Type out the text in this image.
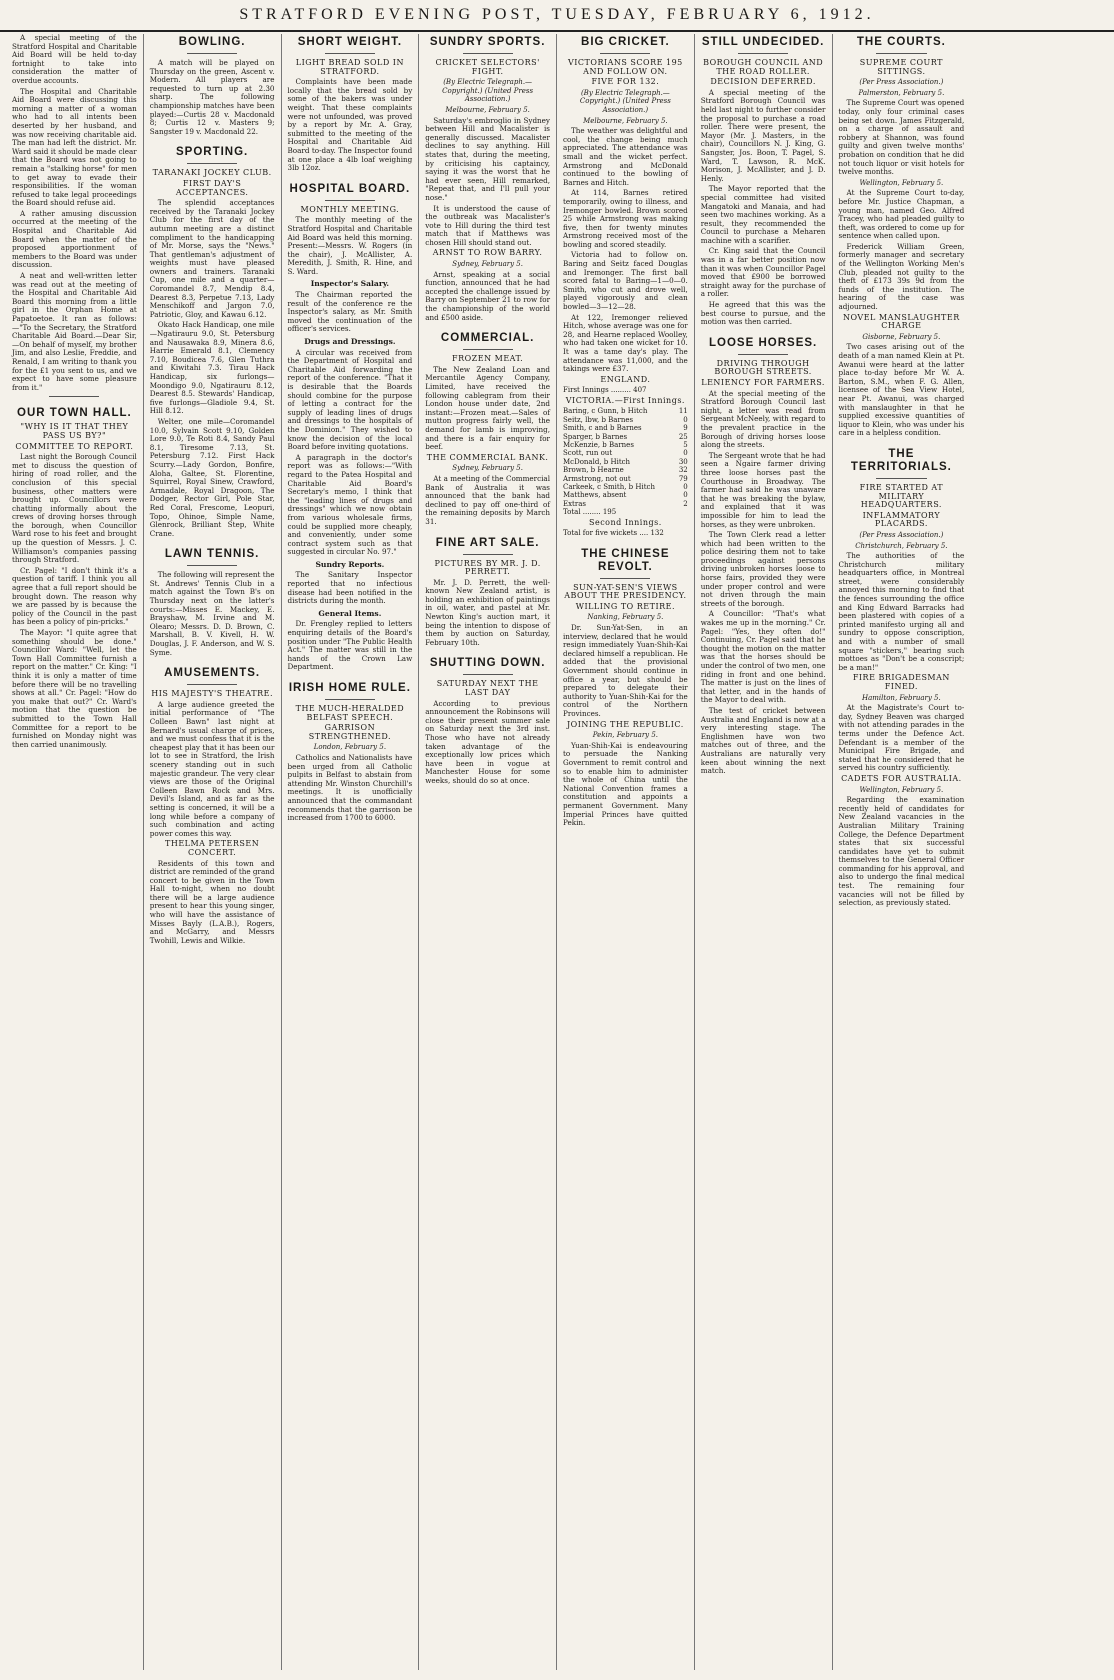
STRATFORD EVENING POST, TUESDAY, FEBRUARY 6, 1912.

A special meeting of the Stratford Hospital and Charitable Aid Board will be held to-day fortnight to take into consideration the matter of overdue accounts.

The Hospital and Charitable Aid Board were discussing this morning a matter of a woman who had to all intents been deserted by her husband, and was now receiving charitable aid. The man had left the district. Mr. Ward said it should be made clear that the Board was not going to remain a "stalking horse" for men to get away to evade their responsibilities. If the woman refused to take legal proceedings the Board should refuse aid.

A rather amusing discussion occurred at the meeting of the Hospital and Charitable Aid Board when the matter of the proposed apportionment of members to the Board was under discussion.

A neat and well-written letter was read out at the meeting of the Hospital and Charitable Aid Board this morning from a little girl in the Orphan Home at Papatoetoe. It ran as follows:—"To the Secretary, the Stratford Charitable Aid Board.—Dear Sir,—On behalf of myself, my brother Jim, and also Leslie, Freddie, and Renald, I am writing to thank you for the £1 you sent to us, and we expect to have some pleasure from it."

OUR TOWN HALL.
"WHY IS IT THAT THEY PASS US BY?"
COMMITTEE TO REPORT.

Last night the Borough Council met to discuss the question of hiring of road roller, and the conclusion of this special business, other matters were brought up. Councillors were chatting informally about the crews of droving horses through the borough, when Councillor Ward rose to his feet and brought up the question of Messrs. J. C. Williamson's companies passing through Stratford.

Cr. Pagel: "I don't think it's a question of tariff. I think you all agree that a full report should be brought down. The reason why we are passed by is because the policy of the Council in the past has been a policy of pin-pricks."

The Mayor: "I quite agree that something should be done." Councillor Ward: "Well, let the Town Hall Committee furnish a report on the matter." Cr. King: "I think it is only a matter of time before there will be no travelling shows at all." Cr. Pagel: "How do you make that out?" Cr. Ward's motion that the question be submitted to the Town Hall Committee for a report to be furnished on Monday night was then carried unanimously.

BOWLING.

A match will be played on Thursday on the green, Ascent v. Modern. All players are requested to turn up at 2.30 sharp. The following championship matches have been played:—Curtis 28 v. Macdonald 8; Curtis 12 v. Masters 9; Sangster 19 v. Macdonald 22.

SPORTING.
TARANAKI JOCKEY CLUB.
FIRST DAY'S ACCEPTANCES.

The splendid acceptances received by the Taranaki Jockey Club for the first day of the autumn meeting are a distinct compliment to the handicapping of Mr. Morse, says the "News." That gentleman's adjustment of weights must have pleased owners and trainers. Taranaki Cup, one mile and a quarter—Coromandel 8.7, Mendip 8.4, Dearest 8.3, Perpetue 7.13, Lady Menschikoff and Jargon 7.0, Patriotic, Gloy, and Kawau 6.12.

Okato Hack Handicap, one mile—Ngatirauru 9.0, St. Petersburg and Nausawaka 8.9, Minera 8.6, Harrie Emerald 8.1, Clemency 7.10, Boudicea 7.6, Glen Tuthra and Kiwitahi 7.3. Tirau Hack Handicap, six furlongs—Moondigo 9.0, Ngatirauru 8.12, Dearest 8.5. Stewards' Handicap, five furlongs—Gladiole 9.4, St. Hill 8.12.

Welter, one mile—Coromandel 10.0, Sylvain Scott 9.10, Golden Lore 9.0, Te Roti 8.4, Sandy Paul 8.1, Tiresome 7.13, St. Petersburg 7.12. First Hack Scurry.—Lady Gordon, Bonfire, Aloha, Galtee, St. Florentine, Squirrel, Royal Sinew, Crawford, Armadale, Royal Dragoon, The Dodger, Rector Girl, Pole Star, Red Coral, Frescome, Leopuri, Topo, Ohinoe, Simple Name, Glenrock, Brilliant Step, White Crane.

LAWN TENNIS.

The following will represent the St. Andrews' Tennis Club in a match against the Town B's on Thursday next on the latter's courts:—Misses E. Mackey, E. Brayshaw, M. Irvine and M. Olearo; Messrs. D. D. Brown, C. Marshall, B. V. Kivell, H. W. Douglas, J. F. Anderson, and W. S. Syme.

AMUSEMENTS.
HIS MAJESTY'S THEATRE.

A large audience greeted the initial performance of "The Colleen Bawn" last night at Bernard's usual charge of prices, and we must confess that it is the cheapest play that it has been our lot to see in Stratford, the Irish scenery standing out in such majestic grandeur. The very clear views are those of the Original Colleen Bawn Rock and Mrs. Devil's Island, and as far as the setting is concerned, it will be a long while before a company of such combination and acting power comes this way.

THELMA PETERSEN CONCERT.

Residents of this town and district are reminded of the grand concert to be given in the Town Hall to-night, when no doubt there will be a large audience present to hear this young singer, who will have the assistance of Misses Bayly (L.A.B.), Rogers, and McGarry, and Messrs Twohill, Lewis and Wilkie.

SHORT WEIGHT.
LIGHT BREAD SOLD IN STRATFORD.

Complaints have been made locally that the bread sold by some of the bakers was under weight. That these complaints were not unfounded, was proved by a report by Mr. A. Gray, submitted to the meeting of the Hospital and Charitable Aid Board to-day. The Inspector found at one place a 4lb loaf weighing 3lb 12oz.

HOSPITAL BOARD.
MONTHLY MEETING.

The monthly meeting of the Stratford Hospital and Charitable Aid Board was held this morning. Present:—Messrs. W. Rogers (in the chair), J. McAllister, A. Meredith, J. Smith, R. Hine, and S. Ward.

Inspector's Salary.

The Chairman reported the result of the conference re the Inspector's salary, as Mr. Smith moved the continuation of the officer's services.

Drugs and Dressings.

A circular was received from the Department of Hospital and Charitable Aid forwarding the report of the conference. "That it is desirable that the Boards should combine for the purpose of letting a contract for the supply of leading lines of drugs and dressings to the hospitals of the Dominion." They wished to know the decision of the local Board before inviting quotations.

A paragraph in the doctor's report was as follows:—"With regard to the Patea Hospital and Charitable Aid Board's Secretary's memo, I think that the "leading lines of drugs and dressings" which we now obtain from various wholesale firms, could be supplied more cheaply, and conveniently, under some contract system such as that suggested in circular No. 97."

Sundry Reports.

The Sanitary Inspector reported that no infectious disease had been notified in the districts during the month.

General Items.

Dr. Frengley replied to letters enquiring details of the Board's position under "The Public Health Act." The matter was still in the hands of the Crown Law Department.

IRISH HOME RULE.
THE MUCH-HERALDED BELFAST SPEECH.
GARRISON STRENGTHENED.
London, February 5.

Catholics and Nationalists have been urged from all Catholic pulpits in Belfast to abstain from attending Mr. Winston Churchill's meetings. It is unofficially announced that the commandant recommends that the garrison be increased from 1700 to 6000.

SUNDRY SPORTS.
CRICKET SELECTORS' FIGHT.
(By Electric Telegraph.—Copyright.) (United Press Association.)
Melbourne, February 5.

Saturday's embroglio in Sydney between Hill and Macalister is generally discussed. Macalister declines to say anything. Hill states that, during the meeting, by criticising his captaincy, saying it was the worst that he had ever seen, Hill remarked, "Repeat that, and I'll pull your nose."

It is understood the cause of the outbreak was Macalister's vote to Hill during the third test match that if Matthews was chosen Hill should stand out.

ARNST TO ROW BARRY.
Sydney, February 5.

Arnst, speaking at a social function, announced that he had accepted the challenge issued by Barry on September 21 to row for the championship of the world and £500 aside.

COMMERCIAL.
FROZEN MEAT.

The New Zealand Loan and Mercantile Agency Company, Limited, have received the following cablegram from their London house under date, 2nd instant:—Frozen meat.—Sales of mutton progress fairly well, the demand for lamb is improving, and there is a fair enquiry for beef.

THE COMMERCIAL BANK.
Sydney, February 5.

At a meeting of the Commercial Bank of Australia it was announced that the bank had declined to pay off one-third of the remaining deposits by March 31.

FINE ART SALE.
PICTURES BY MR. J. D. PERRETT.

Mr. J. D. Perrett, the well-known New Zealand artist, is holding an exhibition of paintings in oil, water, and pastel at Mr. Newton King's auction mart, it being the intention to dispose of them by auction on Saturday, February 10th.

SHUTTING DOWN.
SATURDAY NEXT THE LAST DAY

According to previous announcement the Robinsons will close their present summer sale on Saturday next the 3rd inst. Those who have not already taken advantage of the exceptionally low prices which have been in vogue at Manchester House for some weeks, should do so at once.

BIG CRICKET.
VICTORIANS SCORE 195 AND FOLLOW ON.
FIVE FOR 132.
(By Electric Telegraph.—Copyright.) (United Press Association.)
Melbourne, February 5.

The weather was delightful and cool, the change being much appreciated. The attendance was small and the wicket perfect. Armstrong and McDonald continued to the bowling of Barnes and Hitch.

At 114, Barnes retired temporarily, owing to illness, and Iremonger bowled. Brown scored 25 while Armstrong was making five, then for twenty minutes Armstrong received most of the bowling and scored steadily.

Victoria had to follow on. Baring and Seitz faced Douglas and Iremonger. The first ball scored fatal to Baring—1—0—0. Smith, who cut and drove well, played vigorously and clean bowled—3—12—28.

At 122, Iremonger relieved Hitch, whose average was one for 28, and Hearne replaced Woolley, who had taken one wicket for 10. It was a tame day's play. The attendance was 11,000, and the takings were £37.

ENGLAND.
First Innings ......... 407
VICTORIA.—First Innings.
Baring, c Gunn, b Hitch	11
Seitz, lbw, b Barnes	0
Smith, c and b Barnes	9
Sparger, b Barnes	25
McKenzie, b Barnes	5
Scott, run out	0
McDonald, b Hitch	30
Brown, b Hearne	32
Armstrong, not out	79
Carkeek, c Smith, b Hitch	0
Matthews, absent	0
Extras	2
Total ........ 195
Second Innings.
Total for five wickets .... 132
THE CHINESE REVOLT.
SUN-YAT-SEN'S VIEWS ABOUT THE PRESIDENCY.
WILLING TO RETIRE.
Nanking, February 5.

Dr. Sun-Yat-Sen, in an interview, declared that he would resign immediately Yuan-Shih-Kai declared himself a republican. He added that the provisional Government should continue in office a year, but should be prepared to delegate their authority to Yuan-Shih-Kai for the control of the Northern Provinces.

JOINING THE REPUBLIC.
Pekin, February 5.

Yuan-Shih-Kai is endeavouring to persuade the Nanking Government to remit control and so to enable him to administer the whole of China until the National Convention frames a constitution and appoints a permanent Government. Many Imperial Princes have quitted Pekin.

STILL UNDECIDED.
BOROUGH COUNCIL AND THE ROAD ROLLER.
DECISION DEFERRED.

A special meeting of the Stratford Borough Council was held last night to further consider the proposal to purchase a road roller. There were present, the Mayor (Mr. J. Masters, in the chair), Councillors N. J. King, G. Sangster, Jos. Boon, T. Pagel, S. Ward, T. Lawson, R. McK. Morison, J. McAllister, and J. D. Henly.

The Mayor reported that the special committee had visited Mangatoki and Manaia, and had seen two machines working. As a result, they recommended the Council to purchase a Meharen machine with a scarifier.

Cr. King said that the Council was in a far better position now than it was when Councillor Pagel moved that £900 be borrowed straight away for the purchase of a roller.

He agreed that this was the best course to pursue, and the motion was then carried.

LOOSE HORSES.
DRIVING THROUGH BOROUGH STREETS.
LENIENCY FOR FARMERS.

At the special meeting of the Stratford Borough Council last night, a letter was read from Sergeant McNeely, with regard to the prevalent practice in the Borough of driving horses loose along the streets.

The Sergeant wrote that he had seen a Ngaire farmer driving three loose horses past the Courthouse in Broadway. The farmer had said he was unaware that he was breaking the bylaw, and explained that it was impossible for him to lead the horses, as they were unbroken.

The Town Clerk read a letter which had been written to the police desiring them not to take proceedings against persons driving unbroken horses loose to horse fairs, provided they were under proper control and were not driven through the main streets of the borough.

A Councillor: "That's what wakes me up in the morning." Cr. Pagel: "Yes, they often do!" Continuing, Cr. Pagel said that he thought the motion on the matter was that the horses should be under the control of two men, one riding in front and one behind. The matter is just on the lines of that letter, and in the hands of the Mayor to deal with.

The test of cricket between Australia and England is now at a very interesting stage. The Englishmen have won two matches out of three, and the Australians are naturally very keen about winning the next match.

THE COURTS.
SUPREME COURT SITTINGS.
(Per Press Association.)
Palmerston, February 5.

The Supreme Court was opened today, only four criminal cases being set down. James Fitzgerald, on a charge of assault and robbery at Shannon, was found guilty and given twelve months' probation on condition that he did not touch liquor or visit hotels for twelve months.

Wellington, February 5.

At the Supreme Court to-day, before Mr. Justice Chapman, a young man, named Geo. Alfred Tracey, who had pleaded guilty to theft, was ordered to come up for sentence when called upon.

Frederick William Green, formerly manager and secretary of the Wellington Working Men's Club, pleaded not guilty to the theft of £173 39s 9d from the funds of the institution. The hearing of the case was adjourned.

NOVEL MANSLAUGHTER CHARGE
Gisborne, February 5.

Two cases arising out of the death of a man named Klein at Pt. Awanui were heard at the latter place to-day before Mr W. A. Barton, S.M., when F. G. Allen, licensee of the Sea View Hotel, near Pt. Awanui, was charged with manslaughter in that he supplied excessive quantities of liquor to Klein, who was under his care in a helpless condition.

THE TERRITORIALS.
FIRE STARTED AT MILITARY HEADQUARTERS.
INFLAMMATORY PLACARDS.
(Per Press Association.)
Christchurch, February 5.

The authorities of the Christchurch military headquarters office, in Montreal street, were considerably annoyed this morning to find that the fences surrounding the office and King Edward Barracks had been plastered with copies of a printed manifesto urging all and sundry to oppose conscription, and with a number of small square "stickers," bearing such mottoes as "Don't be a conscript; be a man!"

FIRE BRIGADESMAN FINED.
Hamilton, February 5.

At the Magistrate's Court to-day, Sydney Beaven was charged with not attending parades in the terms under the Defence Act. Defendant is a member of the Municipal Fire Brigade, and stated that he considered that he served his country sufficiently.

CADETS FOR AUSTRALIA.
Wellington, February 5.

Regarding the examination recently held of candidates for New Zealand vacancies in the Australian Military Training College, the Defence Department states that six successful candidates have yet to submit themselves to the General Officer commanding for his approval, and also to undergo the final medical test. The remaining four vacancies will not be filled by selection, as previously stated.
